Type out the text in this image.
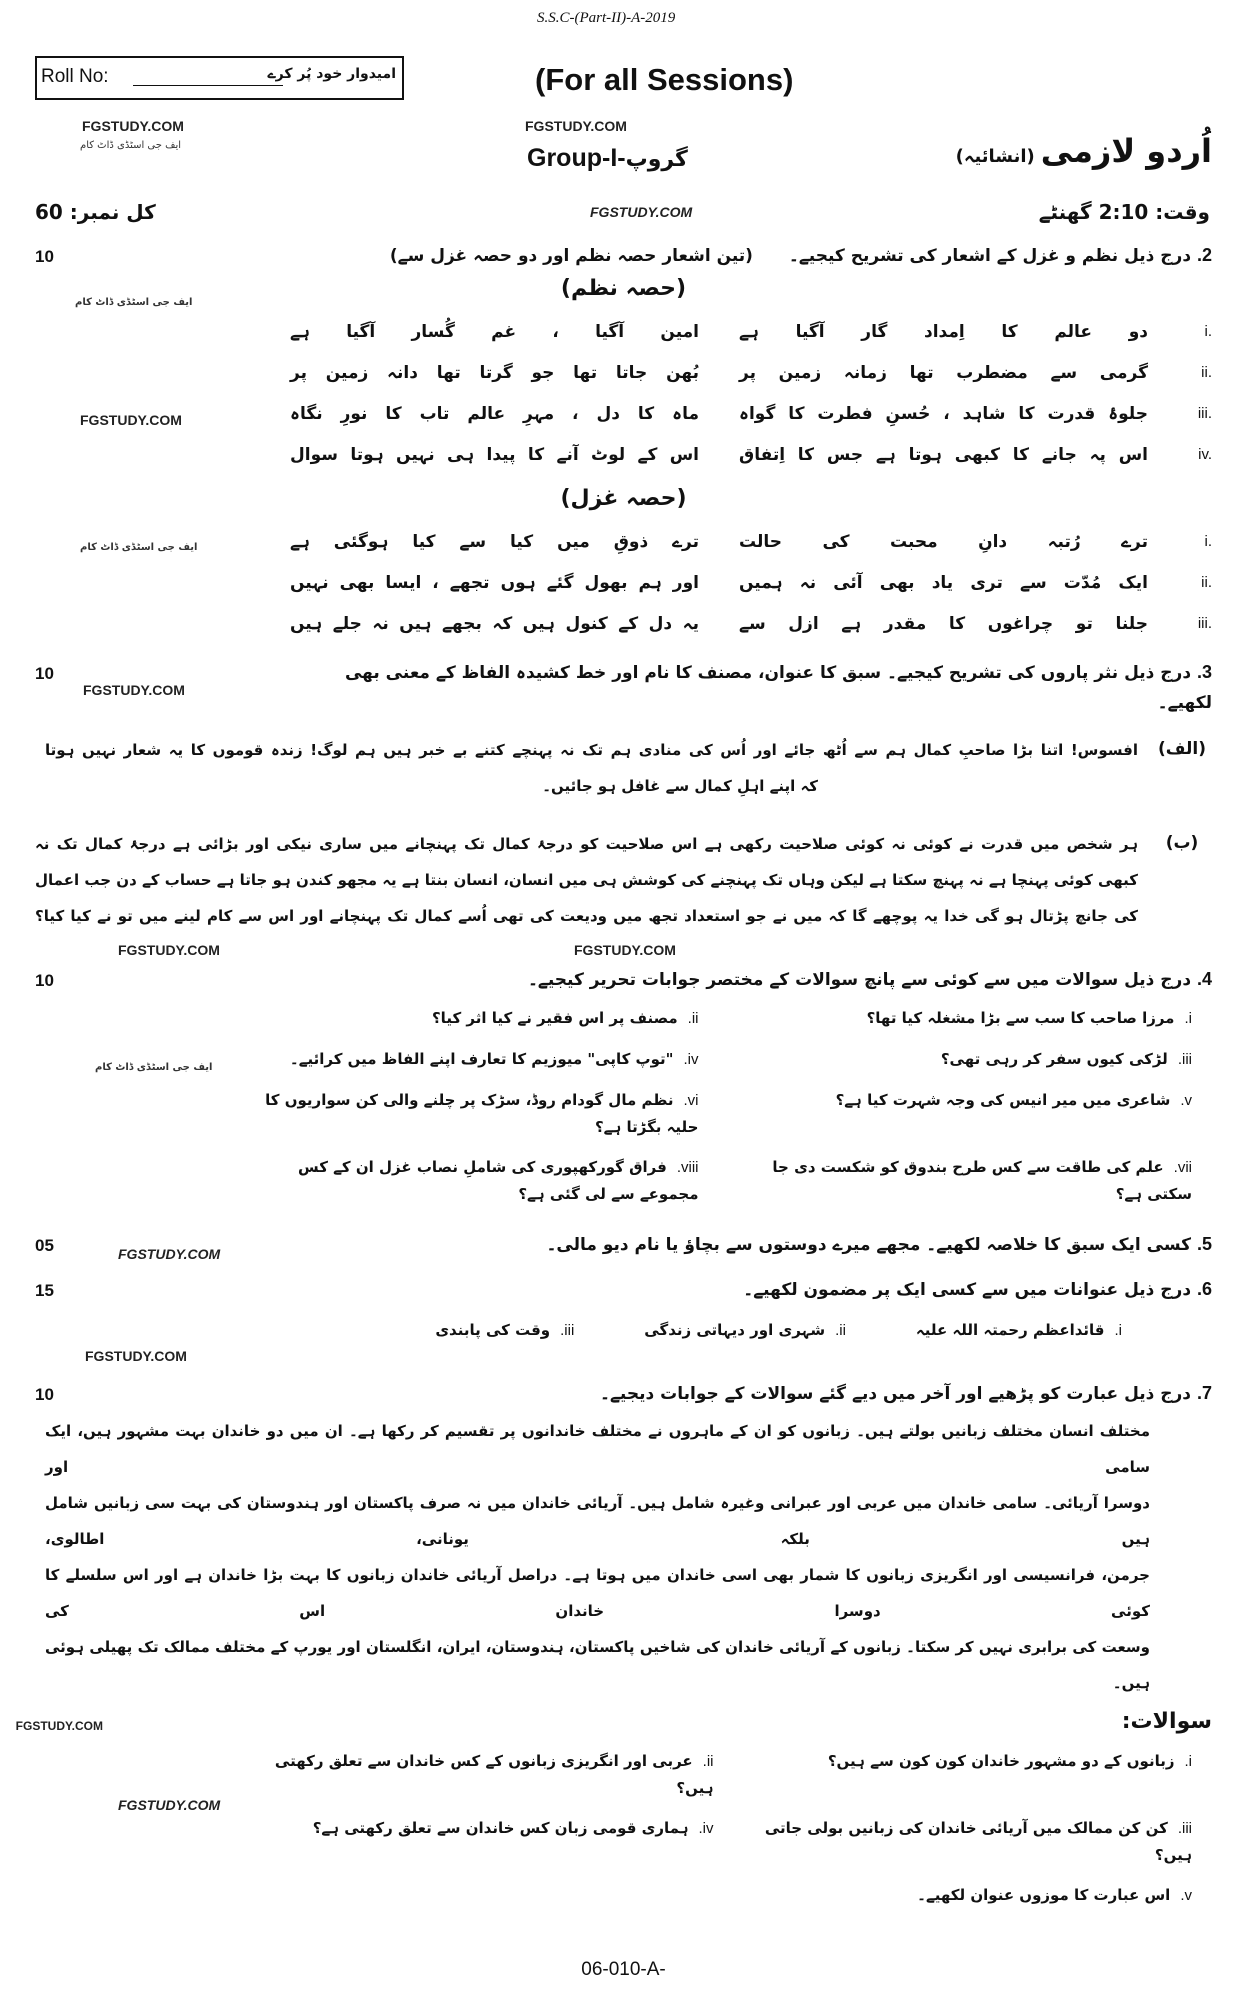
S.S.C-(Part-II)-A-2019
Roll No:	امیدوار خود پُر کرے	(For all Sessions)
FGSTUDY.COM
ایف جی اسٹڈی ڈاٹ کام
FGSTUDY.COM
Group-I-گروپ	اُردو لازمی (انشائیہ)
کل نمبر: 60	FGSTUDY.COM	وقت: 2:10 گھنٹے
10	2. درج ذیل نظم و غزل کے اشعار کی تشریح کیجیے۔ (تین اشعار حصہ نظم اور دو حصہ غزل سے)
ایف جی اسٹڈی ڈاٹ کام
(حصہ نظم)
i.
دو عالم کا اِمداد گار آگیا ہے
امین آگیا ، غم گُسار آگیا ہے
ii.
گرمی سے مضطرب تھا زمانہ زمین پر
بُھن جاتا تھا جو گرتا تھا دانہ زمین پر
FGSTUDY.COM	iii.
جلوۂ قدرت کا شاہد ، حُسنِ فطرت کا گواہ
ماہ کا دل ، مہرِ عالم تاب کا نورِ نگاہ
iv.
اس پہ جانے کا کبھی ہوتا ہے جس کا اِتفاق
اس کے لوٹ آنے کا پیدا ہی نہیں ہوتا سوال
(حصہ غزل)
ایف جی اسٹڈی ڈاٹ کام	i.
ترے رُتبہ دانِ محبت کی حالت
ترے ذوقِ میں کیا سے کیا ہوگئی ہے
ii.
ایک مُدّت سے تری یاد بھی آئی نہ ہمیں
اور ہم بھول گئے ہوں تجھے ، ایسا بھی نہیں
iii.
جلنا تو چراغوں کا مقدر ہے ازل سے
یہ دل کے کنول ہیں کہ بجھے ہیں نہ جلے ہیں
10
FGSTUDY.COM
3. درج ذیل نثر پاروں کی تشریح کیجیے۔ سبق کا عنوان، مصنف کا نام اور خط کشیدہ الفاظ کے معنی بھی لکھیے۔
(الف)
افسوس! اتنا بڑا صاحبِ کمال ہم سے اُٹھ جائے اور اُس کی منادی ہم تک نہ پہنچے کتنے بے خبر ہیں ہم لوگ! زندہ قوموں کا یہ شعار نہیں ہوتا
کہ اپنے اہلِ کمال سے غافل ہو جائیں۔
(ب)
ہر شخص میں قدرت نے کوئی نہ کوئی صلاحیت رکھی ہے اس صلاحیت کو درجۂ کمال تک پہنچانے میں ساری نیکی اور بڑائی ہے درجۂ کمال تک نہ
کبھی کوئی پہنچا ہے نہ پہنچ سکتا ہے لیکن وہاں تک پہنچنے کی کوشش ہی میں انسان، انسان بنتا ہے یہ مجھو کندن ہو جاتا ہے حساب کے دن جب اعمال
کی جانچ پڑتال ہو گی خدا یہ پوچھے گا کہ میں نے جو استعداد تجھ میں ودیعت کی تھی اُسے کمال تک پہنچانے اور اس سے کام لینے میں تو نے کیا کیا؟
FGSTUDY.COM	FGSTUDY.COM
10	4. درج ذیل سوالات میں سے کوئی سے پانچ سوالات کے مختصر جوابات تحریر کیجیے۔
ایف جی اسٹڈی ڈاٹ کام
i.مرزا صاحب کا سب سے بڑا مشغلہ کیا تھا؟
ii.مصنف پر اس فقیر نے کیا اثر کیا؟
iii.لڑکی کیوں سفر کر رہی تھی؟
iv."توپ کاپی" میوزیم کا تعارف اپنے الفاظ میں کرائیے۔
v.شاعری میں میر انیس کی وجہ شہرت کیا ہے؟
vi.نظم مال گودام روڈ، سڑک پر چلنے والی کن سواریوں کا حلیہ بگڑتا ہے؟
vii.علم کی طاقت سے کس طرح بندوق کو شکست دی جا سکتی ہے؟
viii.فراق گورکھپوری کی شاملِ نصاب غزل ان کے کس مجموعے سے لی گئی ہے؟
05	FGSTUDY.COM	5. کسی ایک سبق کا خلاصہ لکھیے۔ مجھے میرے دوستوں سے بچاؤ یا نام دیو مالی۔
15	6. درج ذیل عنوانات میں سے کسی ایک پر مضمون لکھیے۔
i.قائداعظم رحمتہ اللہ علیہ
ii.شہری اور دیہاتی زندگی
iii.وقت کی پابندی
FGSTUDY.COM
10	7. درج ذیل عبارت کو پڑھیے اور آخر میں دیے گئے سوالات کے جوابات دیجیے۔
مختلف انسان مختلف زبانیں بولتے ہیں۔ زبانوں کو ان کے ماہروں نے مختلف خاندانوں پر تقسیم کر رکھا ہے۔ ان میں دو خاندان بہت مشہور ہیں، ایک سامی اور
دوسرا آریائی۔ سامی خاندان میں عربی اور عبرانی وغیرہ شامل ہیں۔ آریائی خاندان میں نہ صرف پاکستان اور ہندوستان کی بہت سی زبانیں شامل ہیں بلکہ یونانی، اطالوی،
جرمن، فرانسیسی اور انگریزی زبانوں کا شمار بھی اسی خاندان میں ہوتا ہے۔ دراصل آریائی خاندان زبانوں کا بہت بڑا خاندان ہے اور اس سلسلے کا کوئی دوسرا خاندان اس کی
وسعت کی برابری نہیں کر سکتا۔ زبانوں کے آریائی خاندان کی شاخیں پاکستان، ہندوستان، ایران، انگلستان اور یورپ کے مختلف ممالک تک پھیلی ہوئی ہیں۔
FGSTUDY.COM	سوالات:
FGSTUDY.COM
i.زبانوں کے دو مشہور خاندان کون کون سے ہیں؟
ii.عربی اور انگریزی زبانوں کے کس خاندان سے تعلق رکھتی ہیں؟
iii.کن کن ممالک میں آریائی خاندان کی زبانیں بولی جاتی ہیں؟
iv.ہماری قومی زبان کس خاندان سے تعلق رکھتی ہے؟
v.اس عبارت کا موزوں عنوان لکھیے۔
06-010-A-
